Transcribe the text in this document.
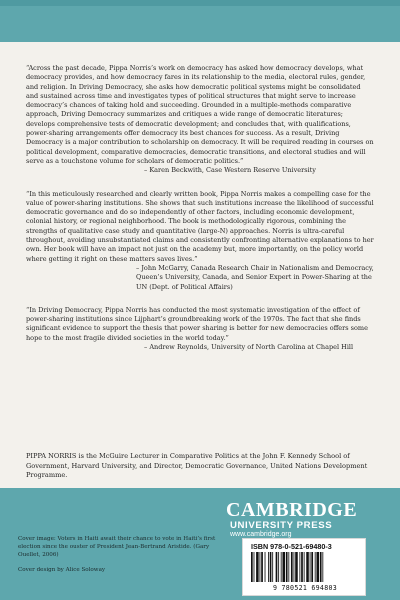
“Across the past decade, Pippa Norris’s work on democracy has asked how democracy develops, what democracy provides, and how democracy fares in its relationship to the media, electoral rules, gender, and religion. In Driving Democracy, she asks how democratic political systems might be consolidated and sustained across time and investigates types of political structures that might serve to increase democracy’s chances of taking hold and succeeding. Grounded in a multiple-methods comparative approach, Driving Democracy summarizes and critiques a wide range of democratic literatures; develops comprehensive tests of democratic development; and concludes that, with qualifications, power-sharing arrangements offer democracy its best chances for success. As a result, Driving Democracy is a major contribution to scholarship on democracy. It will be required reading in courses on political development, comparative democracies, democratic transitions, and electoral studies and will serve as a touchstone volume for scholars of democratic politics.”

– Karen Beckwith, Case Western Reserve University

“In this meticulously researched and clearly written book, Pippa Norris makes a compelling case for the value of power-sharing institutions. She shows that such institutions increase the likelihood of successful democratic governance and do so independently of other factors, including economic development, colonial history, or regional neighborhood. The book is methodologically rigorous, combining the strengths of qualitative case study and quantitative (large-N) approaches. Norris is ultra-careful throughout, avoiding unsubstantiated claims and consistently confronting alternative explanations to her own. Her book will have an impact not just on the academy but, more importantly, on the policy world where getting it right on these matters saves lives.”

– John McGarry, Canada Research Chair in Nationalism and Democracy, Queen’s University, Canada, and Senior Expert in Power-Sharing at the UN (Dept. of Political Affairs)

“In Driving Democracy, Pippa Norris has conducted the most systematic investigation of the effect of power-sharing institutions since Lijphart’s groundbreaking work of the 1970s. The fact that she finds significant evidence to support the thesis that power sharing is better for new democracies offers some hope to the most fragile divided societies in the world today.”

– Andrew Reynolds, University of North Carolina at Chapel Hill

PIPPA NORRIS is the McGuire Lecturer in Comparative Politics at the John F. Kennedy School of Government, Harvard University, and Director, Democratic Governance, United Nations Development Programme.

CAMBRIDGE
UNIVERSITY PRESS
www.cambridge.org
Cover image: Voters in Haiti await their chance to vote in Haiti’s first election since the ouster of President Jean-Bertrand Aristide. (Gary Ouellet, 2006)
Cover design by Alice Soloway
ISBN 978-0-521-69480-3
9 780521 694803
